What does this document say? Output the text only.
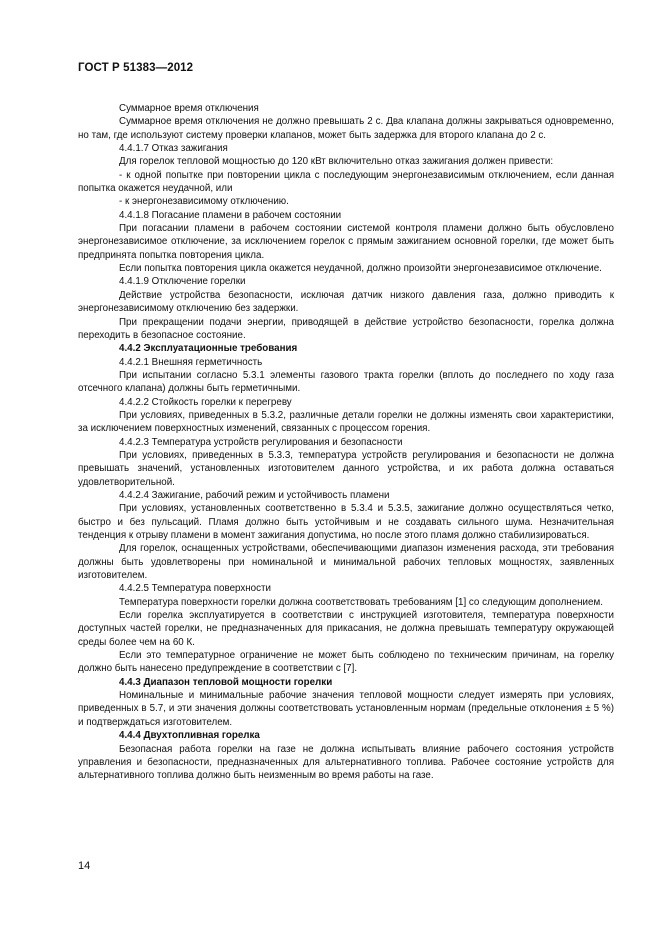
ГОСТ Р 51383—2012

Суммарное время отключения

Суммарное время отключения не должно превышать 2 с. Два клапана должны закрываться одновременно, но там, где используют систему проверки клапанов, может быть задержка для второго клапана до 2 с.

4.4.1.7 Отказ зажигания

Для горелок тепловой мощностью до 120 кВт включительно отказ зажигания должен привести:

- к одной попытке при повторении цикла с последующим энергонезависимым отключением, если данная попытка окажется неудачной, или

- к энергонезависимому отключению.

4.4.1.8 Погасание пламени в рабочем состоянии

При погасании пламени в рабочем состоянии системой контроля пламени должно быть обусловлено энергонезависимое отключение, за исключением горелок с прямым зажиганием основной горелки, где может быть предпринята попытка повторения цикла.

Если попытка повторения цикла окажется неудачной, должно произойти энергонезависимое отключение.

4.4.1.9 Отключение горелки

Действие устройства безопасности, исключая датчик низкого давления газа, должно приводить к энергонезависимому отключению без задержки.

При прекращении подачи энергии, приводящей в действие устройство безопасности, горелка должна переходить в безопасное состояние.

4.4.2 Эксплуатационные требования

4.4.2.1 Внешняя герметичность

При испытании согласно 5.3.1 элементы газового тракта горелки (вплоть до последнего по ходу газа отсечного клапана) должны быть герметичными.

4.4.2.2 Стойкость горелки к перегреву

При условиях, приведенных в 5.3.2, различные детали горелки не должны изменять свои характеристики, за исключением поверхностных изменений, связанных с процессом горения.

4.4.2.3 Температура устройств регулирования и безопасности

При условиях, приведенных в 5.3.3, температура устройств регулирования и безопасности не должна превышать значений, установленных изготовителем данного устройства, и их работа должна оставаться удовлетворительной.

4.4.2.4 Зажигание, рабочий режим и устойчивость пламени

При условиях, установленных соответственно в 5.3.4 и 5.3.5, зажигание должно осуществляться четко, быстро и без пульсаций. Пламя должно быть устойчивым и не создавать сильного шума. Незначительная тенденция к отрыву пламени в момент зажигания допустима, но после этого пламя должно стабилизироваться.

Для горелок, оснащенных устройствами, обеспечивающими диапазон изменения расхода, эти требования должны быть удовлетворены при номинальной и минимальной рабочих тепловых мощностях, заявленных изготовителем.

4.4.2.5 Температура поверхности

Температура поверхности горелки должна соответствовать требованиям [1] со следующим дополнением.

Если горелка эксплуатируется в соответствии с инструкцией изготовителя, температура поверхности доступных частей горелки, не предназначенных для прикасания, не должна превышать температуру окружающей среды более чем на 60 К.

Если это температурное ограничение не может быть соблюдено по техническим причинам, на горелку должно быть нанесено предупреждение в соответствии с [7].

4.4.3 Диапазон тепловой мощности горелки

Номинальные и минимальные рабочие значения тепловой мощности следует измерять при условиях, приведенных в 5.7, и эти значения должны соответствовать установленным нормам (предельные отклонения ± 5 %) и подтверждаться изготовителем.

4.4.4 Двухтопливная горелка

Безопасная работа горелки на газе не должна испытывать влияние рабочего состояния устройств управления и безопасности, предназначенных для альтернативного топлива. Рабочее состояние устройств для альтернативного топлива должно быть неизменным во время работы на газе.

14
